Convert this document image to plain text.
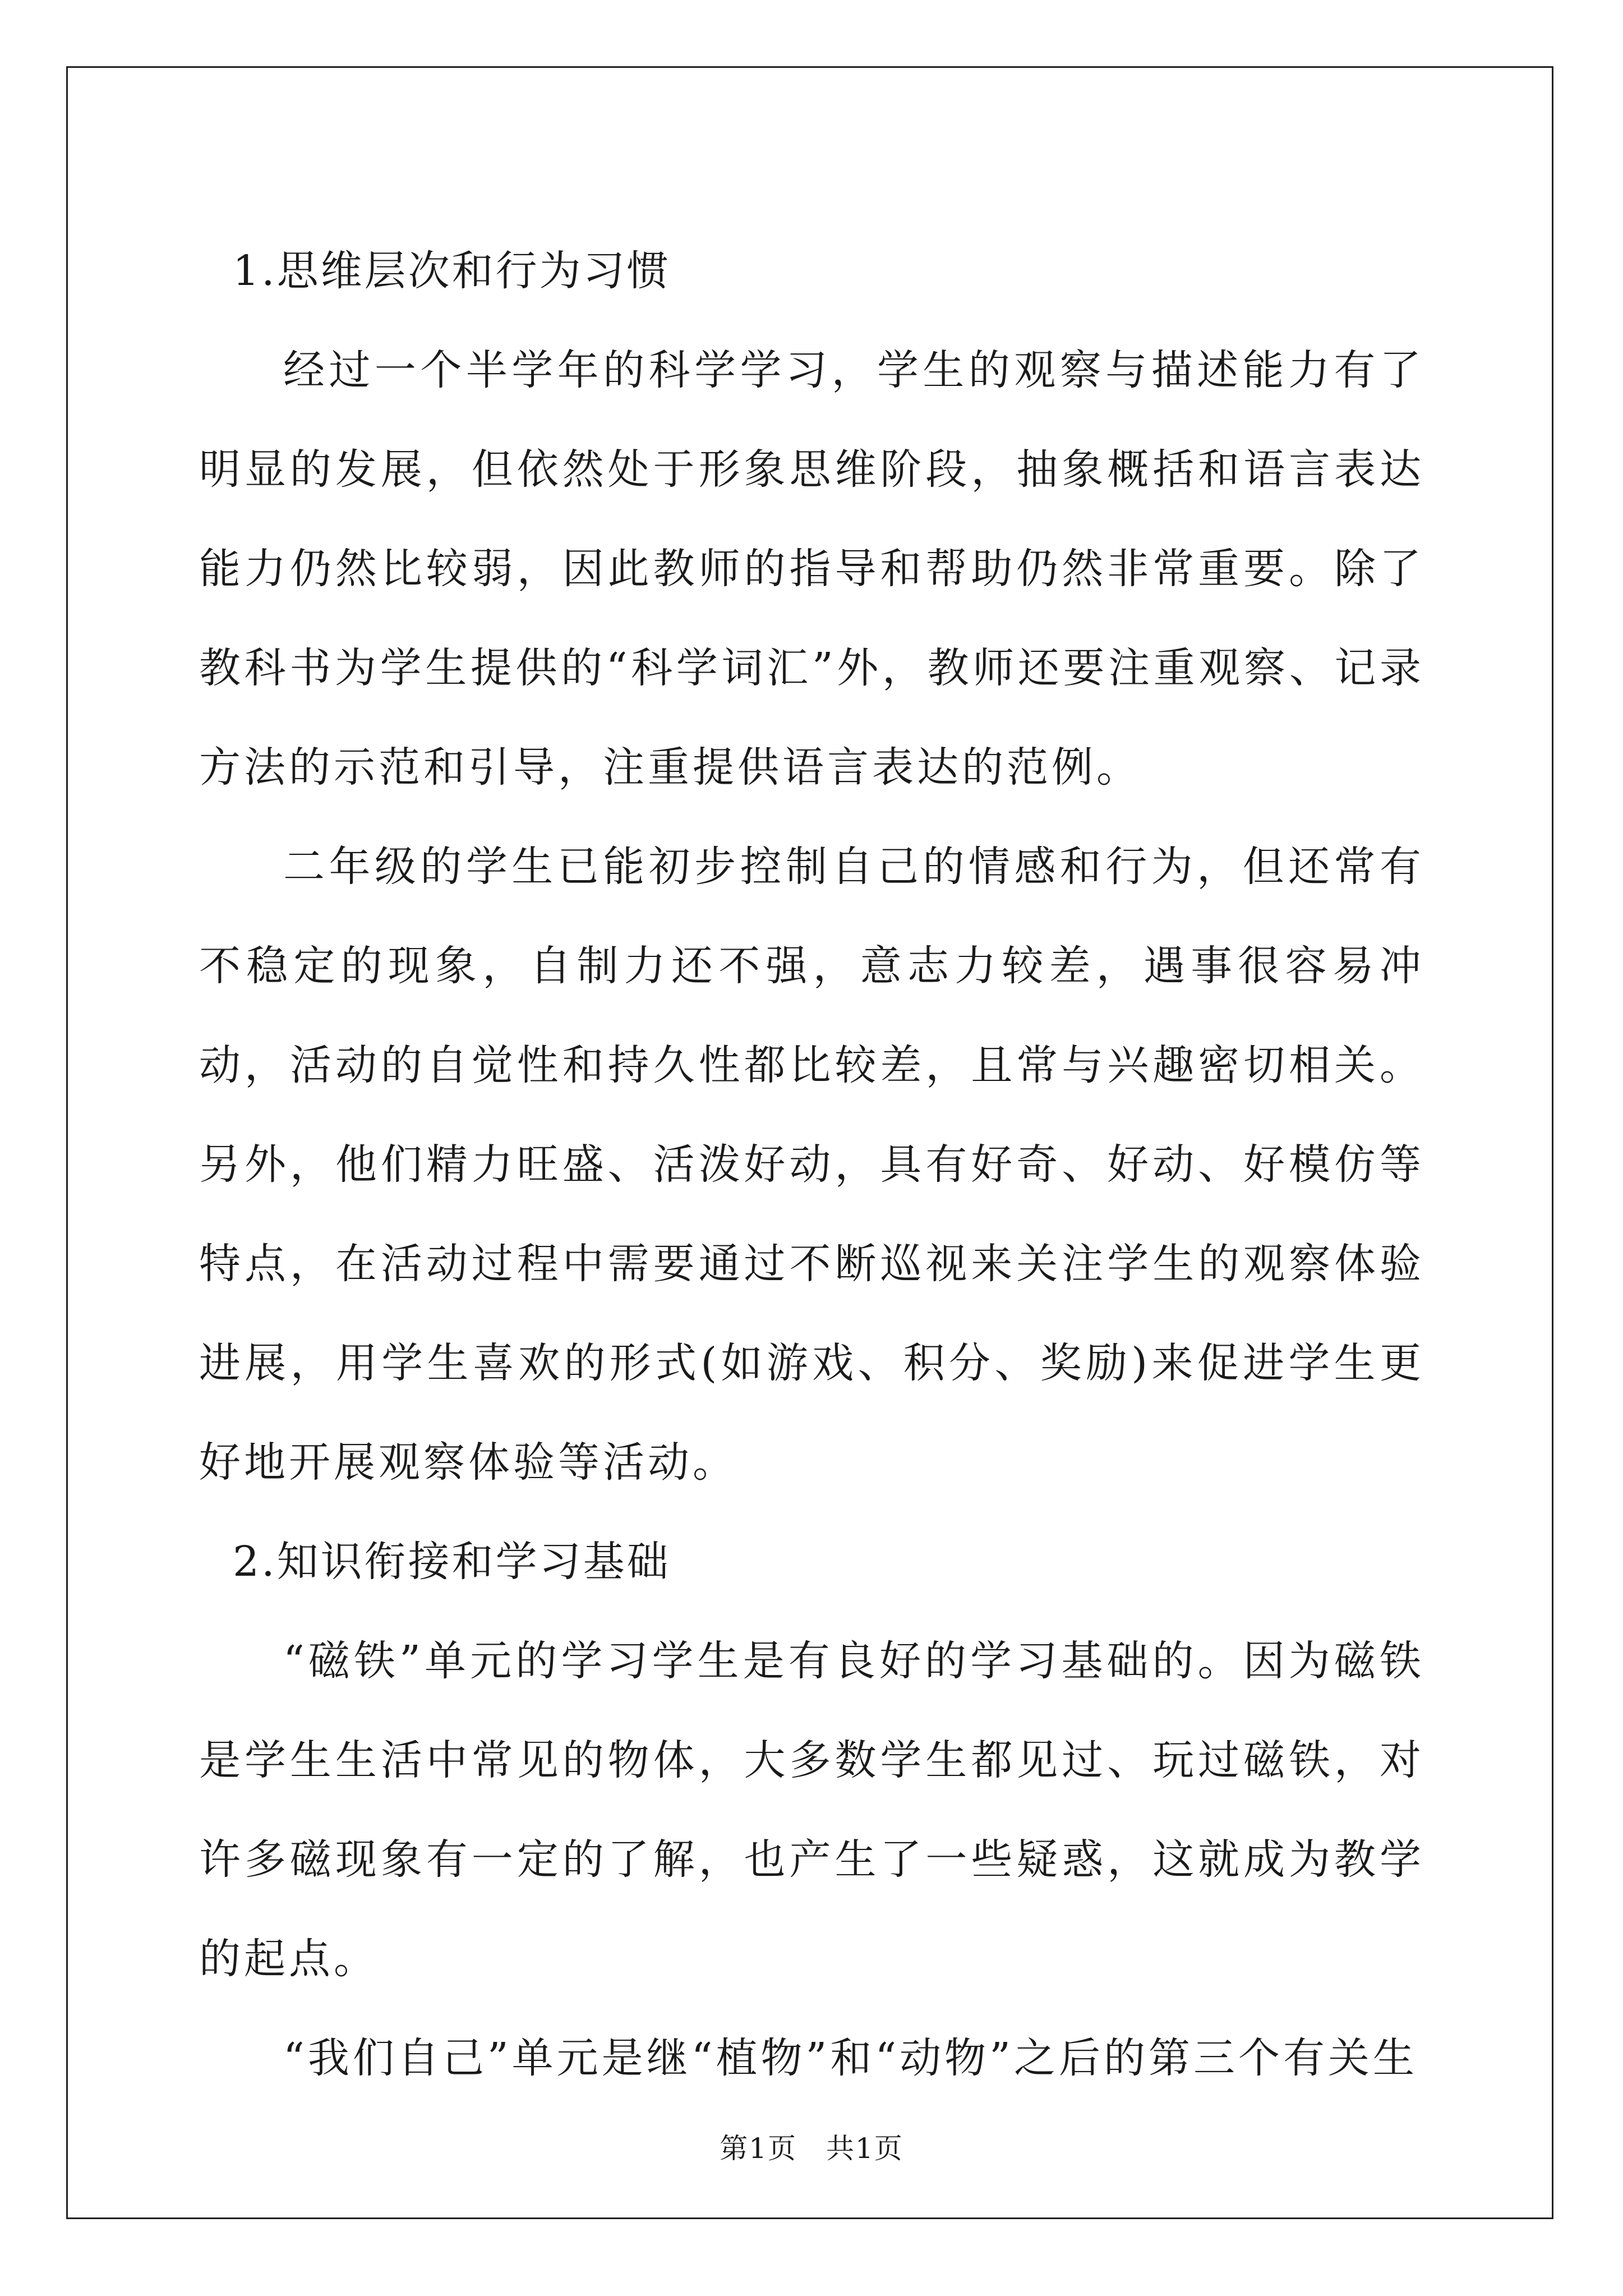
1.思维层次和行为习惯

经过一个半学年的科学学习，学生的观察与描述能力有了明显的发展，但依然处于形象思维阶段，抽象概括和语言表达能力仍然比较弱，因此教师的指导和帮助仍然非常重要。除了教科书为学生提供的“科学词汇”外，教师还要注重观察、记录方法的示范和引导，注重提供语言表达的范例。

二年级的学生已能初步控制自己的情感和行为，但还常有不稳定的现象，自制力还不强，意志力较差，遇事很容易冲动，活动的自觉性和持久性都比较差，且常与兴趣密切相关。另外，他们精力旺盛、活泼好动，具有好奇、好动、好模仿等特点，在活动过程中需要通过不断巡视来关注学生的观察体验进展，用学生喜欢的形式(如游戏、积分、奖励)来促进学生更好地开展观察体验等活动。

2.知识衔接和学习基础

“磁铁”单元的学习学生是有良好的学习基础的。因为磁铁是学生生活中常见的物体，大多数学生都见过、玩过磁铁，对许多磁现象有一定的了解，也产生了一些疑惑，这就成为教学的起点。

“我们自己”单元是继“植物”和“动物”之后的第三个有关生

第1页　共1页
